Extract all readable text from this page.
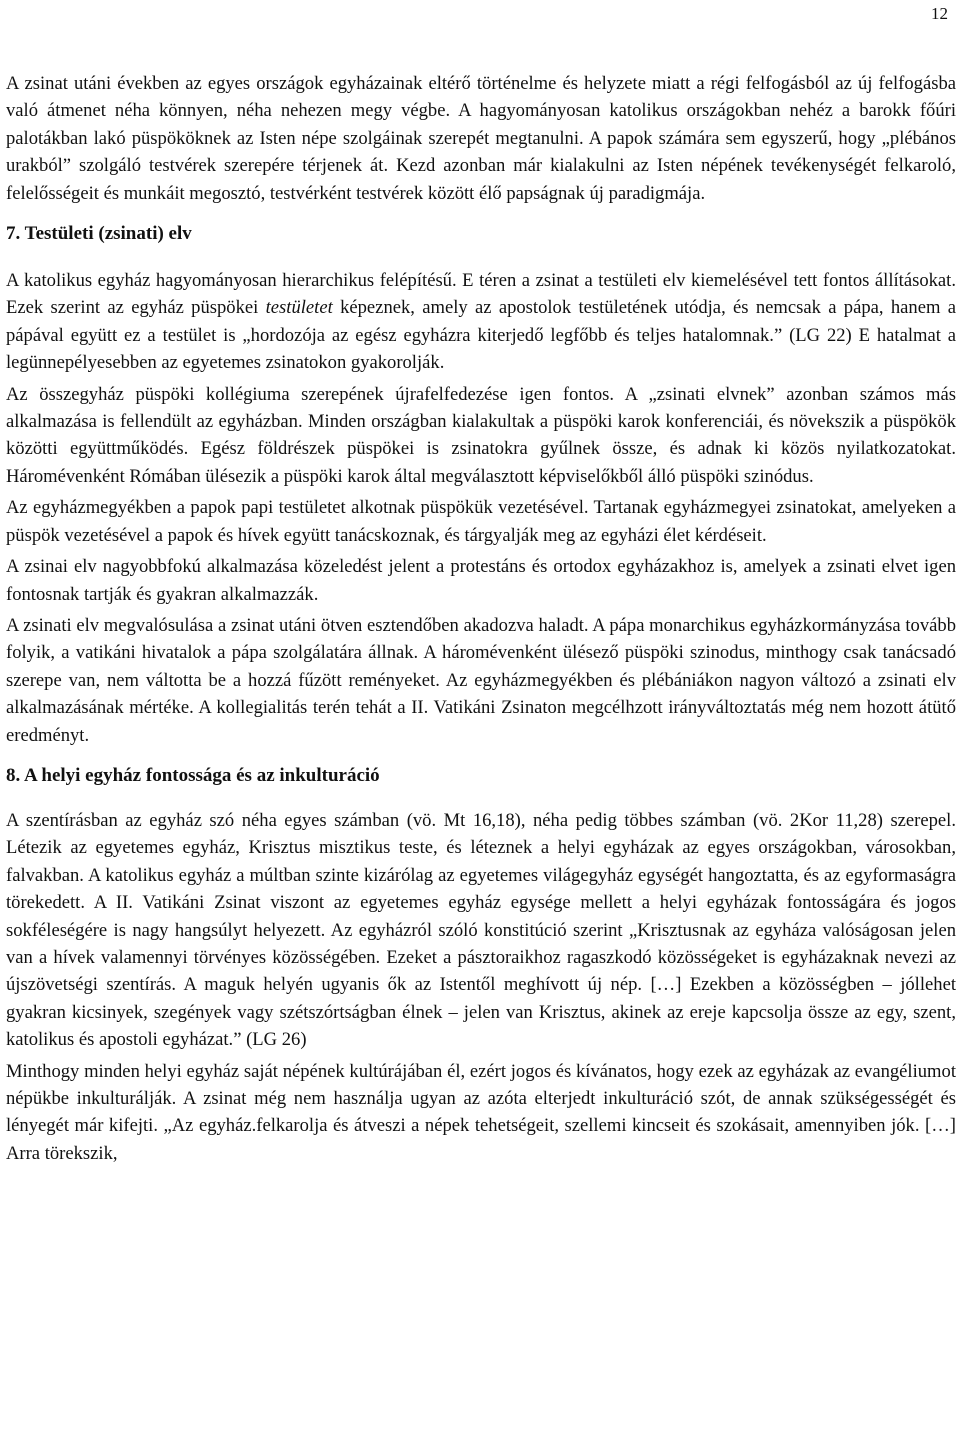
12

A zsinat utáni években az egyes országok egyházainak eltérő történelme és helyzete miatt a régi felfogásból az új felfogásba való átmenet néha könnyen, néha nehezen megy végbe. A hagyományosan katolikus országokban nehéz a barokk főúri palotákban lakó püspököknek az Isten népe szolgáinak szerepét megtanulni. A papok számára sem egyszerű, hogy „plébános urakból” szolgáló testvérek szerepére térjenek át. Kezd azonban már kialakulni az Isten népének tevékenységét felkaroló, felelősségeit és munkáit megosztó, testvérként testvérek között élő papságnak új paradigmája.

7. Testületi (zsinati) elv

A katolikus egyház hagyományosan hierarchikus felépítésű. E téren a zsinat a testületi elv kiemelésével tett fontos állításokat. Ezek szerint az egyház püspökei testületet képeznek, amely az apostolok testületének utódja, és nemcsak a pápa, hanem a pápával együtt ez a testület is „hordozója az egész egyházra kiterjedő legfőbb és teljes hatalomnak.” (LG 22) E hatalmat a legünnepélyesebben az egyetemes zsinatokon gyakorolják.

Az összegyház püspöki kollégiuma szerepének újrafelfedezése igen fontos. A „zsinati elvnek” azonban számos más alkalmazása is fellendült az egyházban. Minden országban kialakultak a püspöki karok konferenciái, és növekszik a püspökök közötti együttműködés. Egész földrészek püspökei is zsinatokra gyűlnek össze, és adnak ki közös nyilatkozatokat. Háromévenként Rómában ülésezik a püspöki karok által megválasztott képviselőkből álló püspöki szinódus.

Az egyházmegyékben a papok papi testületet alkotnak püspökük vezetésével. Tartanak egyházmegyei zsinatokat, amelyeken a püspök vezetésével a papok és hívek együtt tanácskoznak, és tárgyalják meg az egyházi élet kérdéseit.

A zsinai elv nagyobbfokú alkalmazása közeledést jelent a protestáns és ortodox egyházakhoz is, amelyek a zsinati elvet igen fontosnak tartják és gyakran alkalmazzák.

A zsinati elv megvalósulása a zsinat utáni ötven esztendőben akadozva haladt. A pápa monarchikus egyházkormányzása tovább folyik, a vatikáni hivatalok a pápa szolgálatára állnak. A háromévenként ülésező püspöki szinodus, minthogy csak tanácsadó szerepe van, nem váltotta be a hozzá fűzött reményeket. Az egyházmegyékben és plébániákon nagyon változó a zsinati elv alkalmazásának mértéke. A kollegialitás terén tehát a II. Vatikáni Zsinaton megcélhzott irányváltoztatás még nem hozott átütő eredményt.

8. A helyi egyház fontossága és az inkulturáció

A szentírásban az egyház szó néha egyes számban (vö. Mt 16,18), néha pedig többes számban (vö. 2Kor 11,28) szerepel. Létezik az egyetemes egyház, Krisztus misztikus teste, és léteznek a helyi egyházak az egyes országokban, városokban, falvakban. A katolikus egyház a múltban szinte kizárólag az egyetemes világegyház egységét hangoztatta, és az egyformaságra törekedett. A II. Vatikáni Zsinat viszont az egyetemes egyház egysége mellett a helyi egyházak fontosságára és jogos sokféleségére is nagy hangsúlyt helyezett. Az egyházról szóló konstitúció szerint „Krisztusnak az egyháza valóságosan jelen van a hívek valamennyi törvényes közösségében. Ezeket a pásztoraikhoz ragaszkodó közösségeket is egyházaknak nevezi az újszövetségi szentírás. A maguk helyén ugyanis ők az Istentől meghívott új nép. […] Ezekben a közösségben – jóllehet gyakran kicsinyek, szegények vagy szétszórtságban élnek – jelen van Krisztus, akinek az ereje kapcsolja össze az egy, szent, katolikus és apostoli egyházat.” (LG 26)

Minthogy minden helyi egyház saját népének kultúrájában él, ezért jogos és kívánatos, hogy ezek az egyházak az evangéliumot népükbe inkulturálják. A zsinat még nem használja ugyan az azóta elterjedt inkulturáció szót, de annak szükségességét és lényegét már kifejti. „Az egyház.felkarolja és átveszi a népek tehetségeit, szellemi kincseit és szokásait, amennyiben jók. […] Arra törekszik,
